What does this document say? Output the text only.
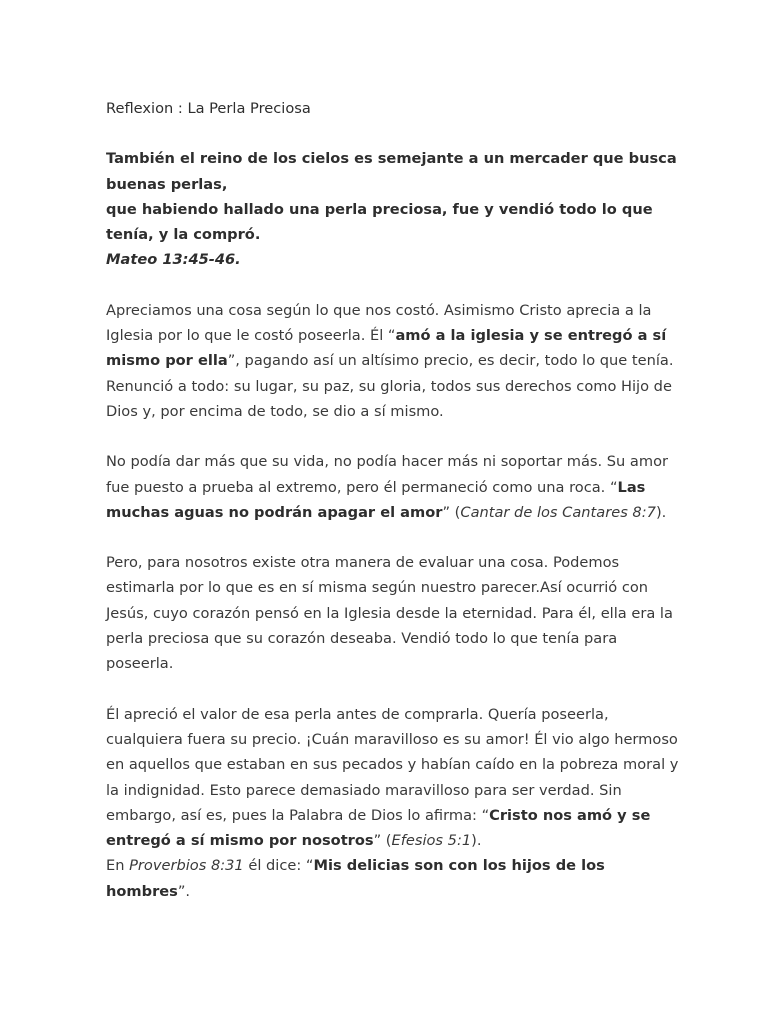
Reflexion : La Perla Preciosa
También el reino de los cielos es semejante a un mercader que busca buenas perlas,
que habiendo hallado una perla preciosa, fue y vendió todo lo que tenía, y la compró.
Mateo 13:45-46.

Apreciamos una cosa según lo que nos costó. Asimismo Cristo aprecia a la Iglesia por lo que le costó poseerla. Él “amó a la iglesia y se entregó a sí mismo por ella”, pagando así un altísimo precio, es decir, todo lo que tenía. Renunció a todo: su lugar, su paz, su gloria, todos sus derechos como Hijo de Dios y, por encima de todo, se dio a sí mismo.

No podía dar más que su vida, no podía hacer más ni soportar más. Su amor fue puesto a prueba al extremo, pero él permaneció como una roca. “Las muchas aguas no podrán apagar el amor” (Cantar de los Cantares 8:7).

Pero, para nosotros existe otra manera de evaluar una cosa. Podemos estimarla por lo que es en sí misma según nuestro parecer.Así ocurrió con Jesús, cuyo corazón pensó en la Iglesia desde la eternidad. Para él, ella era la perla preciosa que su corazón deseaba. Vendió todo lo que tenía para poseerla.

Él apreció el valor de esa perla antes de comprarla. Quería poseerla, cualquiera fuera su precio. ¡Cuán maravilloso es su amor! Él vio algo hermoso en aquellos que estaban en sus pecados y habían caído en la pobreza moral y la indignidad. Esto parece demasiado maravilloso para ser verdad. Sin embargo, así es, pues la Palabra de Dios lo afirma: “Cristo nos amó y se entregó a sí mismo por nosotros” (Efesios 5:1).

En Proverbios 8:31 él dice: “Mis delicias son con los hijos de los hombres”.
